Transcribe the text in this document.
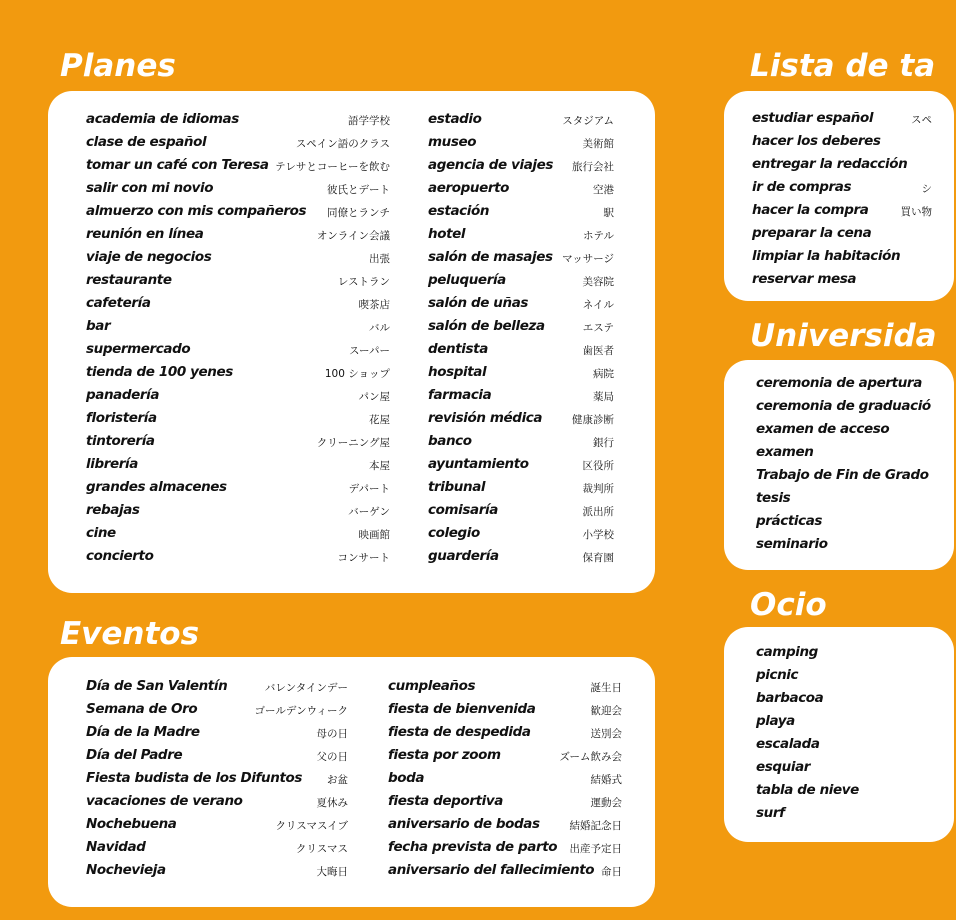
Planes
academia de idiomas	語学学校
clase de español	スペイン語のクラス
tomar un café con Teresa テレサとコーヒーを飲む
salir con mi novio	彼氏とデート
almuerzo con mis compañeros 同僚とランチ
reunión en línea	オンライン会議
viaje de negocios	出張
restaurante	レストラン
cafetería	喫茶店
bar	バル
supermercado	スーパー
tienda de 100 yenes	100 ショップ
panadería	パン屋
floristería	花屋
tintorería	クリーニング屋
librería	本屋
grandes almacenes	デパート
rebajas	バーゲン
cine	映画館
concierto	コンサート
estadio	スタジアム
museo	美術館
agencia de viajes 旅行会社
aeropuerto	空港
estación	駅
hotel	ホテル
salón de masajes マッサージ
peluquería	美容院
salón de uñas	ネイル
salón de belleza	エステ
dentista	歯医者
hospital	病院
farmacia	薬局
revisión médica	健康診断
banco	銀行
ayuntamiento	区役所
tribunal	裁判所
comisaría	派出所
colegio	小学校
guardería	保育園
Eventos
Día de San Valentín	バレンタインデー
Semana de Oro	ゴールデンウィーク
Día de la Madre	母の日
Día del Padre	父の日
Fiesta budista de los Difuntos お盆
vacaciones de verano	夏休み
Nochebuena	クリスマスイブ
Navidad	クリスマス
Nochevieja	大晦日
cumpleaños	誕生日
fiesta de bienvenida	歓迎会
fiesta de despedida	送別会
fiesta por zoom	ズーム飲み会
boda	結婚式
fiesta deportiva	運動会
aniversario de bodas	結婚記念日
fecha prevista de parto 出産予定日
aniversario del fallecimiento 命日
Lista de ta
estudiar español	スペ
hacer los deberes
entregar la redacción
ir de compras	シ
hacer la compra	買い物
preparar la cena
limpiar la habitación
reservar mesa
Universida
ceremonia de apertura
ceremonia de graduació
examen de acceso
examen
Trabajo de Fin de Grado
tesis
prácticas
seminario
Ocio
camping
picnic
barbacoa
playa
escalada
esquiar
tabla de nieve
surf
